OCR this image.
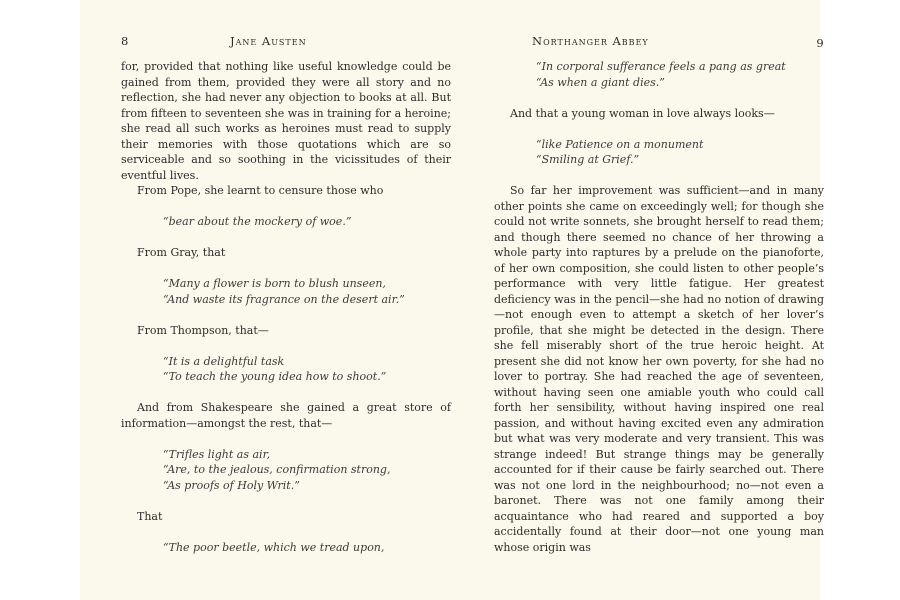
8	Jane Austen

for, provided that nothing like useful knowledge could be gained from them, provided they were all story and no reflection, she had never any objection to books at all. But from fifteen to seventeen she was in training for a heroine; she read all such works as heroines must read to supply their memories with those quotations which are so serviceable and so soothing in the vicissitudes of their eventful lives.

From Pope, she learnt to censure those who

“bear about the mockery of woe.”

From Gray, that

“Many a flower is born to blush unseen,
“And waste its fragrance on the desert air.”

From Thompson, that—

“It is a delightful task
“To teach the young idea how to shoot.”

And from Shakespeare she gained a great store of information—amongst the rest, that—

“Trifles light as air,
“Are, to the jealous, confirmation strong,
“As proofs of Holy Writ.”

That

“The poor beetle, which we tread upon,
Northanger Abbey	9
“In corporal sufferance feels a pang as great
“As when a giant dies.”

And that a young woman in love always looks—

“like Patience on a monument
“Smiling at Grief.”

So far her improvement was sufficient—and in many other points she came on exceedingly well; for though she could not write sonnets, she brought herself to read them; and though there seemed no chance of her throwing a whole party into raptures by a prelude on the pianoforte, of her own composition, she could listen to other people’s performance with very little fatigue. Her greatest deficiency was in the pencil—she had no notion of drawing—not enough even to attempt a sketch of her lover’s profile, that she might be detected in the design. There she fell miserably short of the true heroic height. At present she did not know her own poverty, for she had no lover to portray. She had reached the age of seventeen, without having seen one amiable youth who could call forth her sensibility, without having inspired one real passion, and without having excited even any admiration but what was very moderate and very transient. This was strange indeed! But strange things may be generally accounted for if their cause be fairly searched out. There was not one lord in the neighbourhood; no—not even a baronet. There was not one family among their acquaintance who had reared and supported a boy accidentally found at their door—not one young man whose origin was
